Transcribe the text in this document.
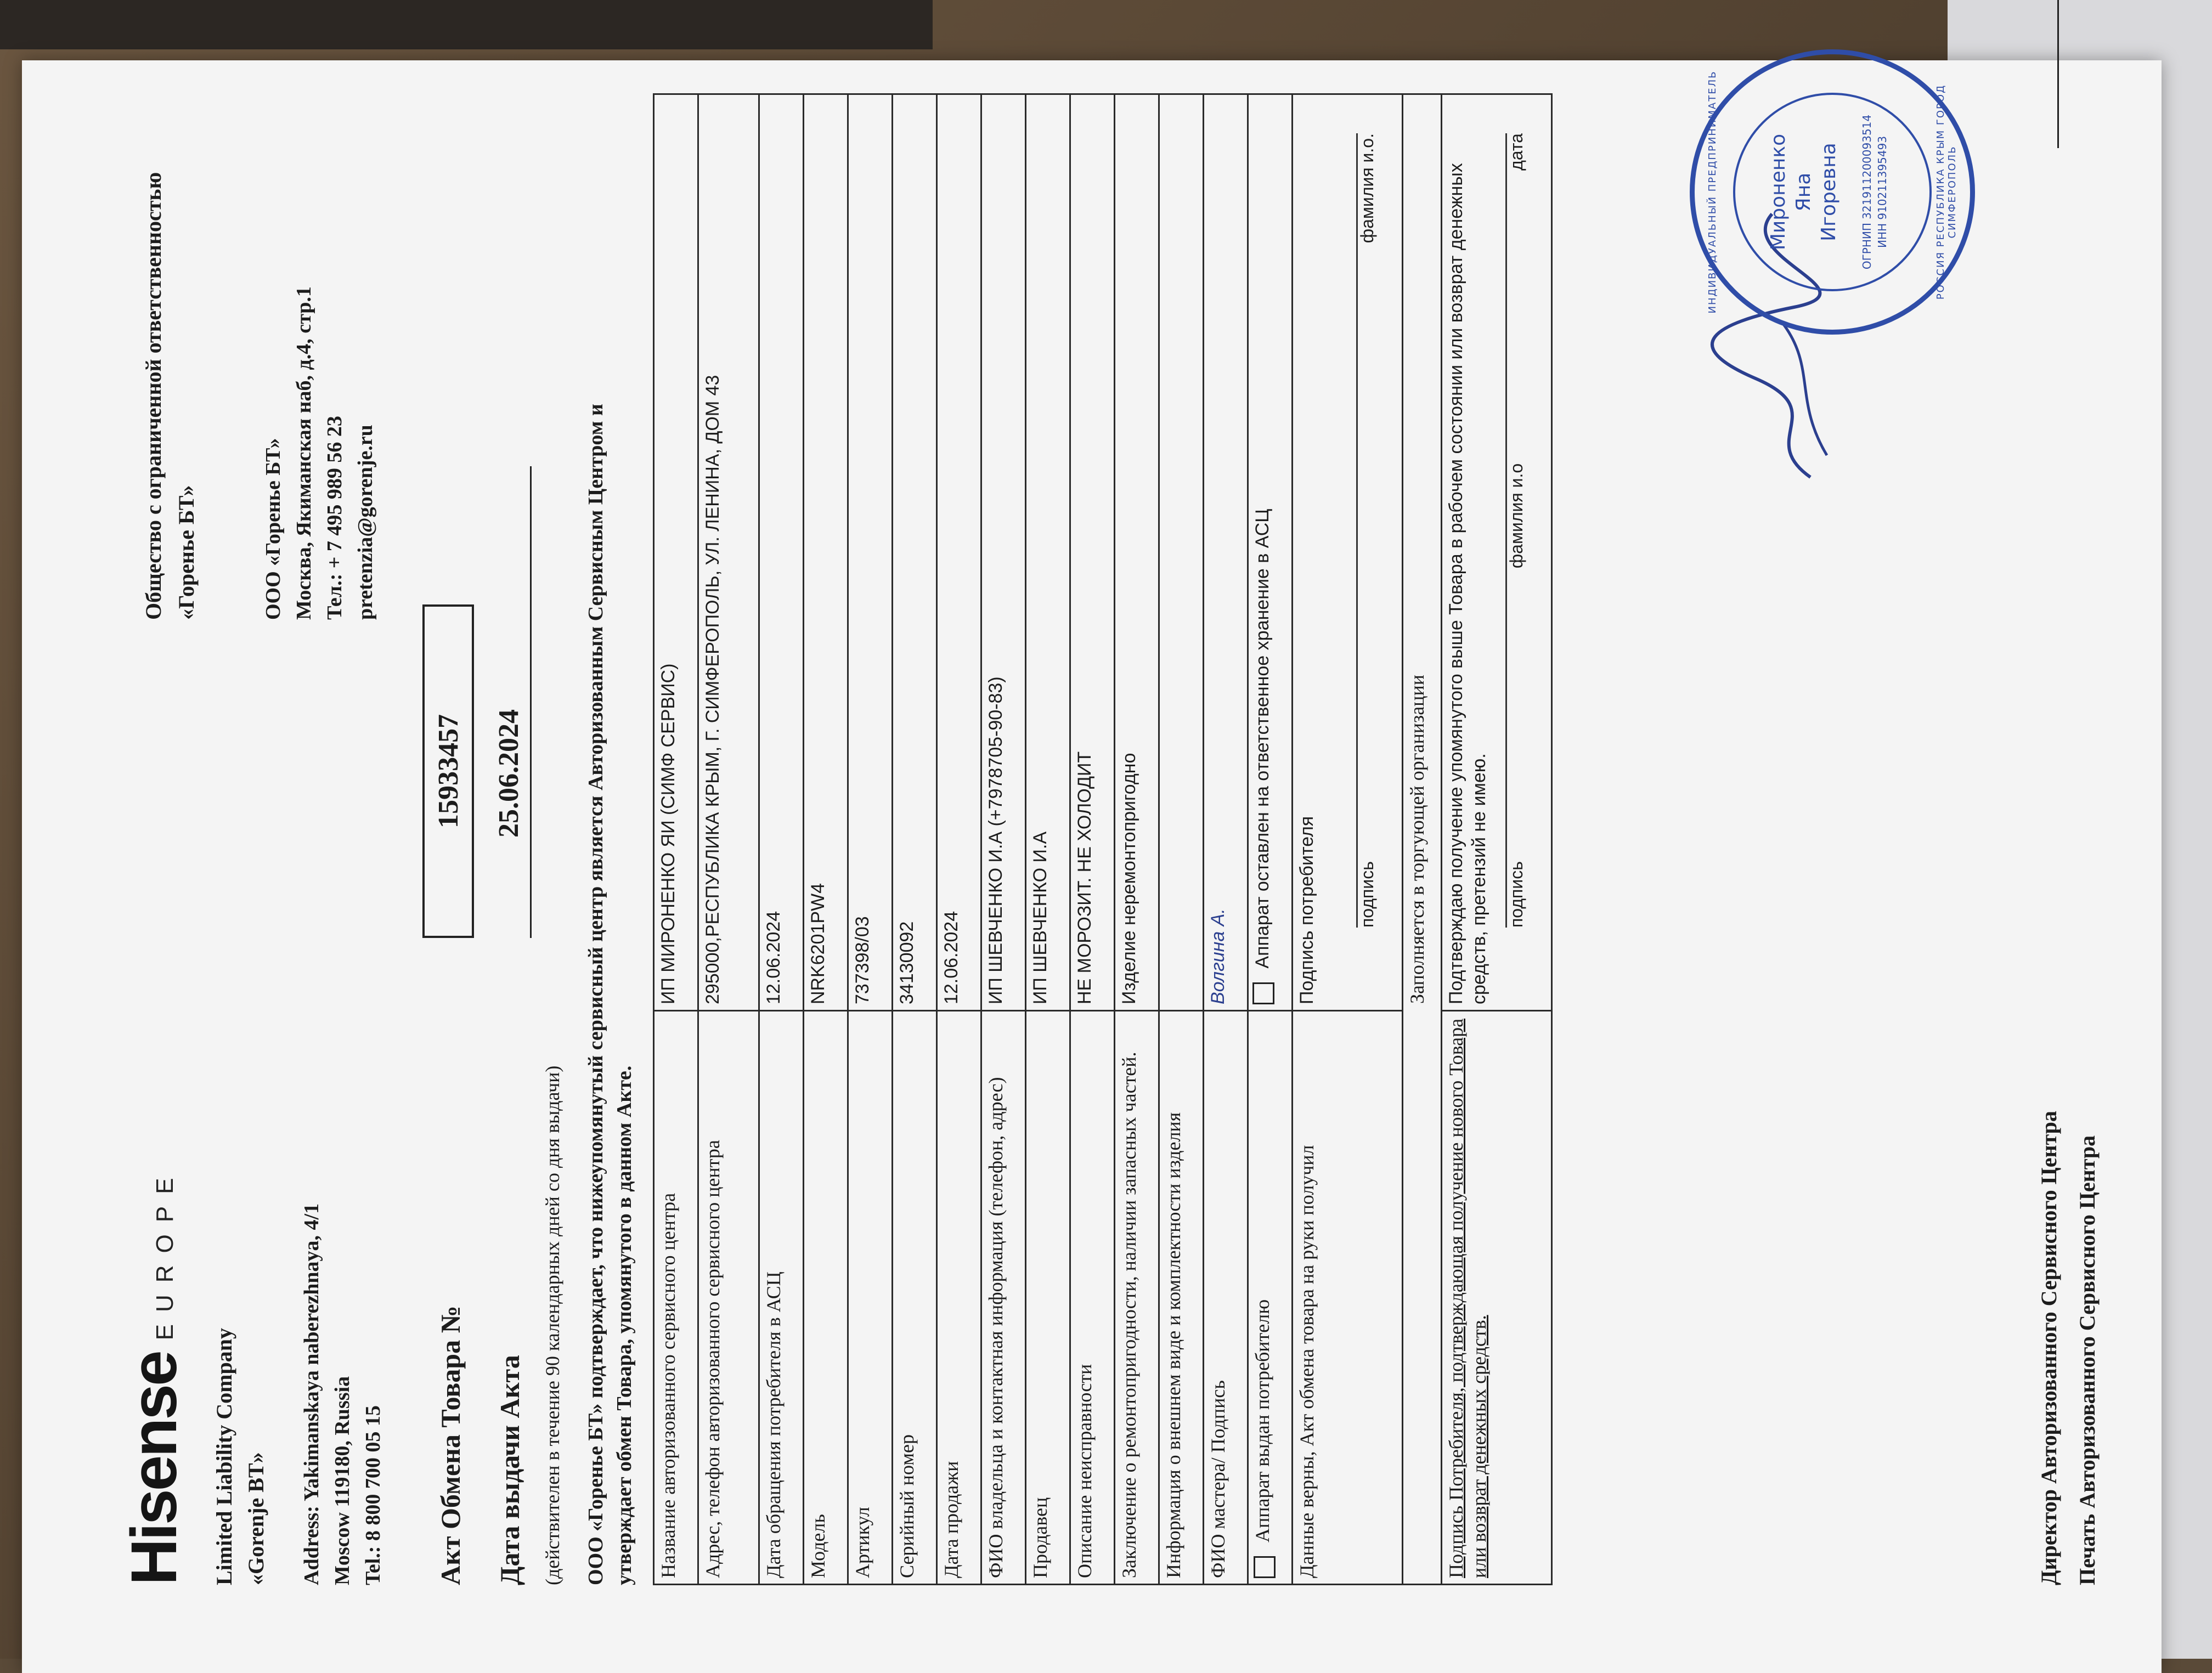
Hisense
EUROPE
Limited Liability Company «Gorenje BT» Address: Yakimanskaya naberezhnaya, 4/1 Moscow 119180, Russia Tel.: 8 800 700 05 15
Общество с ограниченной ответственностью «Горенье БТ»	ООО «Горенье БТ» Москва, Якиманская наб, д.4, стр.1 Тел.: + 7 495 989 56 23 pretenzia@gorenje.ru
Акт Обмена Товара №
15933457
Дата выдачи Акта
25.06.2024
(действителен в течение 90 календарных дней со дня выдачи) ООО «Горенье БТ» подтверждает, что нижеупомянутый сервисный центр является Авторизованным Сервисным Центром и утверждает обмен Товара, упомянутого в данном Акте. Название авторизованного сервисного центра	ИП МИРОНЕНКО ЯИ (СИМФ СЕРВИС)
Адрес, телефон авторизованного сервисного центра	295000,РЕСПУБЛИКА КРЫМ, Г. СИМФЕРОПОЛЬ, УЛ. ЛЕНИНА, ДОМ 43
Дата обращения потребителя в АСЦ	12.06.2024
Модель	NRK6201PW4
Артикул	737398/03
Серийный номер	34130092
Дата продажи	12.06.2024
ФИО владельца и контактная информация (телефон, адрес)	ИП ШЕВЧЕНКО И.А (+7978705-90-83)
Продавец	ИП ШЕВЧЕНКО И.А
Описание неисправности	НЕ МОРОЗИТ. НЕ ХОЛОДИТ
Заключение о ремонтопригодности, наличии запасных частей.	Изделие неремонтопригодно
Информация о внешнем виде и комплектности изделия	
ФИО мастера/ Подпись	Волгина А.
Аппарат выдан потребителю	Аппарат оставлен на ответственное хранение в АСЦ
Данные верны, Акт обмена товара на руки получил	Подпись потребителя подпись
фамилия и.о.

Заполняется в торгующей организации	
Подпись Потребителя, подтверждающая получение нового Товара или возврат денежных средств.	Подтверждаю получение упомянутого выше Товара в рабочем состоянии или возврат денежных средств, претензий не имею. подпись
фамилия и.о
дата
Директор Авторизованного Сервисного Центра Печать Авторизованного Сервисного Центра
ИНДИВИДУАЛЬНЫЙ ПРЕДПРИНИМАТЕЛЬ Мироненко Яна Игоревна ОГРНИП 321911200093514 ИНН 910211395493	РОССИЯ РЕСПУБЛИКА КРЫМ ГОРОД СИМФЕРОПОЛЬ
